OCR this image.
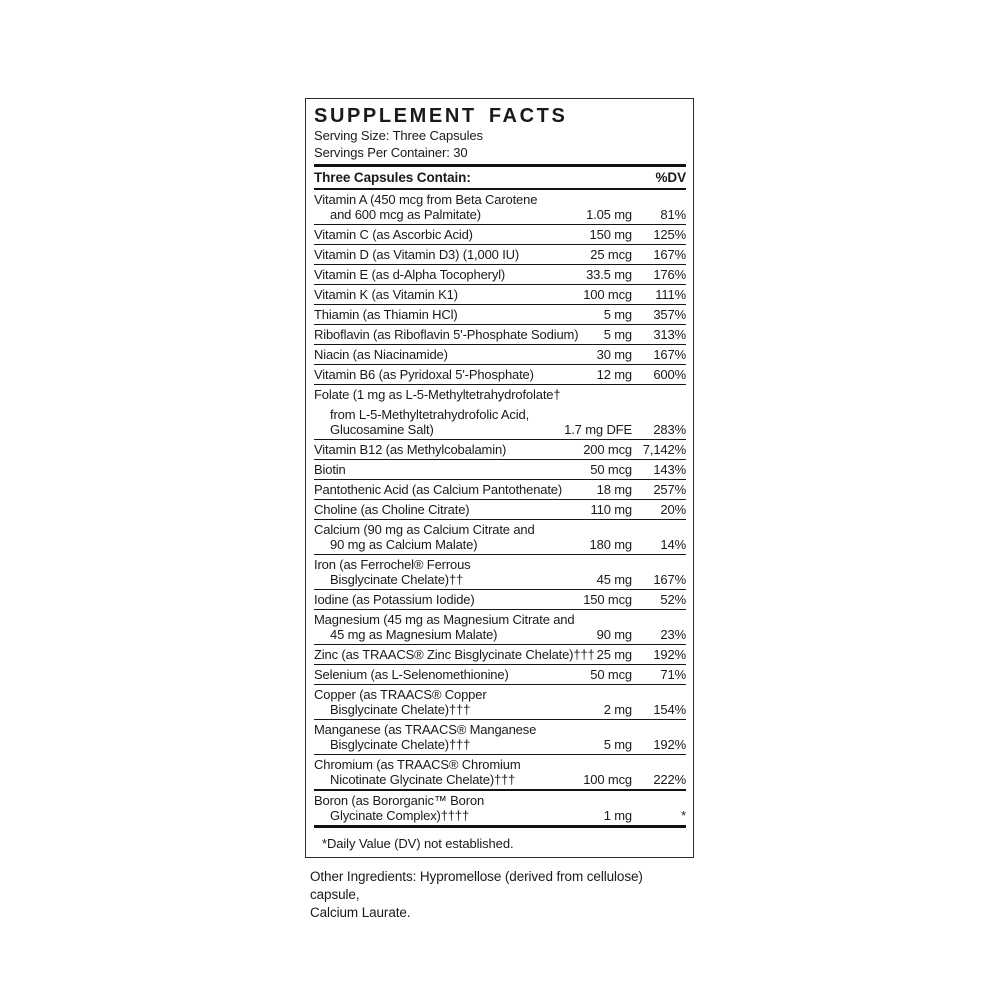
SUPPLEMENT FACTS
Serving Size: Three Capsules
Servings Per Container: 30
Three Capsules Contain:	%DV
Vitamin A (450 mcg from Beta Carotene
and 600 mcg as Palmitate)	1.05 mg 81%
Vitamin C (as Ascorbic Acid)	150 mg 125%
Vitamin D (as Vitamin D3) (1,000 IU)	25 mcg 167%
Vitamin E (as d-Alpha Tocopheryl)	33.5 mg 176%
Vitamin K (as Vitamin K1)	100 mcg 111%
Thiamin (as Thiamin HCl)	5 mg 357%
Riboflavin (as Riboflavin 5'-Phosphate Sodium) 5 mg 313%
Niacin (as Niacinamide)	30 mg 167%
Vitamin B6 (as Pyridoxal 5'-Phosphate)	12 mg 600%
Folate (1 mg as L-5-Methyltetrahydrofolate†
from L-5-Methyltetrahydrofolic Acid,
Glucosamine Salt)	1.7 mg DFE 283%
Vitamin B12 (as Methylcobalamin)	200 mcg 7,142%
Biotin	50 mcg 143%
Pantothenic Acid (as Calcium Pantothenate)	18 mg 257%
Choline (as Choline Citrate)	110 mg 20%
Calcium (90 mg as Calcium Citrate and
90 mg as Calcium Malate)	180 mg 14%
Iron (as Ferrochel® Ferrous
Bisglycinate Chelate)††	45 mg 167%
Iodine (as Potassium Iodide)	150 mcg 52%
Magnesium (45 mg as Magnesium Citrate and
45 mg as Magnesium Malate)	90 mg 23%
Zinc (as TRAACS® Zinc Bisglycinate Chelate)††† 25 mg 192%
Selenium (as L-Selenomethionine)	50 mcg 71%
Copper (as TRAACS® Copper
Bisglycinate Chelate)†††	2 mg 154%
Manganese (as TRAACS® Manganese
Bisglycinate Chelate)†††	5 mg 192%
Chromium (as TRAACS® Chromium
Nicotinate Glycinate Chelate)†††	100 mcg 222%
Boron (as Bororganic™ Boron
Glycinate Complex)††††	1 mg	*
*Daily Value (DV) not established.
Other Ingredients: Hypromellose (derived from cellulose) capsule,
Calcium Laurate.
